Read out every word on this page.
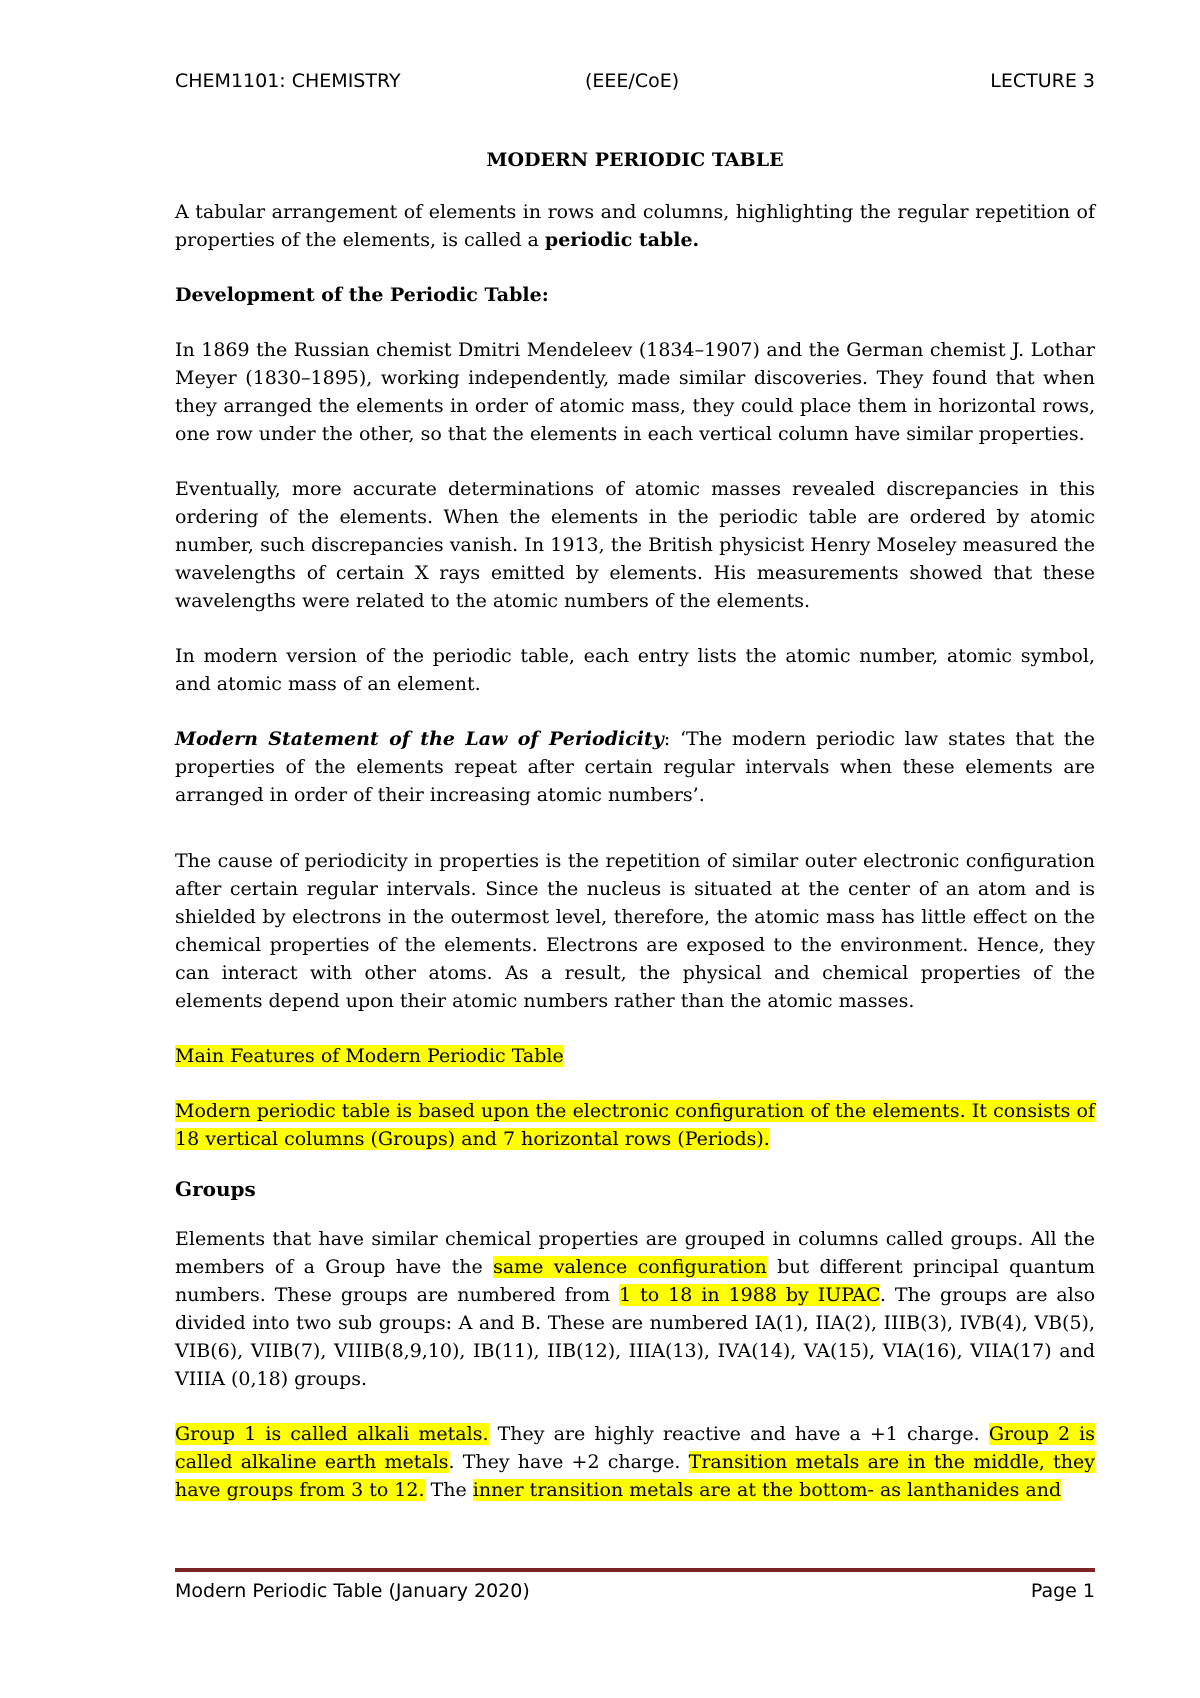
CHEM1101: CHEMISTRY	(EEE/CoE)	LECTURE 3

MODERN PERIODIC TABLE

A tabular arrangement of elements in rows and columns, highlighting the regular repetition of properties of the elements, is called a periodic table.

Development of the Periodic Table:

In 1869 the Russian chemist Dmitri Mendeleev (1834–1907) and the German chemist J. Lothar Meyer (1830–1895), working independently, made similar discoveries. They found that when they arranged the elements in order of atomic mass, they could place them in horizontal rows, one row under the other, so that the elements in each vertical column have similar properties.

Eventually, more accurate determinations of atomic masses revealed discrepancies in this ordering of the elements. When the elements in the periodic table are ordered by atomic number, such discrepancies vanish. In 1913, the British physicist Henry Moseley measured the wavelengths of certain X rays emitted by elements. His measurements showed that these wavelengths were related to the atomic numbers of the elements.

In modern version of the periodic table, each entry lists the atomic number, atomic symbol, and atomic mass of an element.

Modern Statement of the Law of Periodicity: ‘The modern periodic law states that the properties of the elements repeat after certain regular intervals when these elements are arranged in order of their increasing atomic numbers’.

The cause of periodicity in properties is the repetition of similar outer electronic configuration after certain regular intervals. Since the nucleus is situated at the center of an atom and is shielded by electrons in the outermost level, therefore, the atomic mass has little effect on the chemical properties of the elements. Electrons are exposed to the environment. Hence, they can interact with other atoms. As a result, the physical and chemical properties of the elements depend upon their atomic numbers rather than the atomic masses.

Main Features of Modern Periodic Table

Modern periodic table is based upon the electronic configuration of the elements. It consists of 18 vertical columns (Groups) and 7 horizontal rows (Periods).

Groups

Elements that have similar chemical properties are grouped in columns called groups. All the members of a Group have the same valence configuration but different principal quantum numbers. These groups are numbered from 1 to 18 in 1988 by IUPAC. The groups are also divided into two sub groups: A and B. These are numbered IA(1), IIA(2), IIIB(3), IVB(4), VB(5), VIB(6), VIIB(7), VIIIB(8,9,10), IB(11), IIB(12), IIIA(13), IVA(14), VA(15), VIA(16), VIIA(17) and VIIIA (0,18) groups.

Group 1 is called alkali metals. They are highly reactive and have a +1 charge. Group 2 is called alkaline earth metals. They have +2 charge. Transition metals are in the middle, they have groups from 3 to 12. The inner transition metals are at the bottom- as lanthanides and

Modern Periodic Table (January 2020)	Page 1
